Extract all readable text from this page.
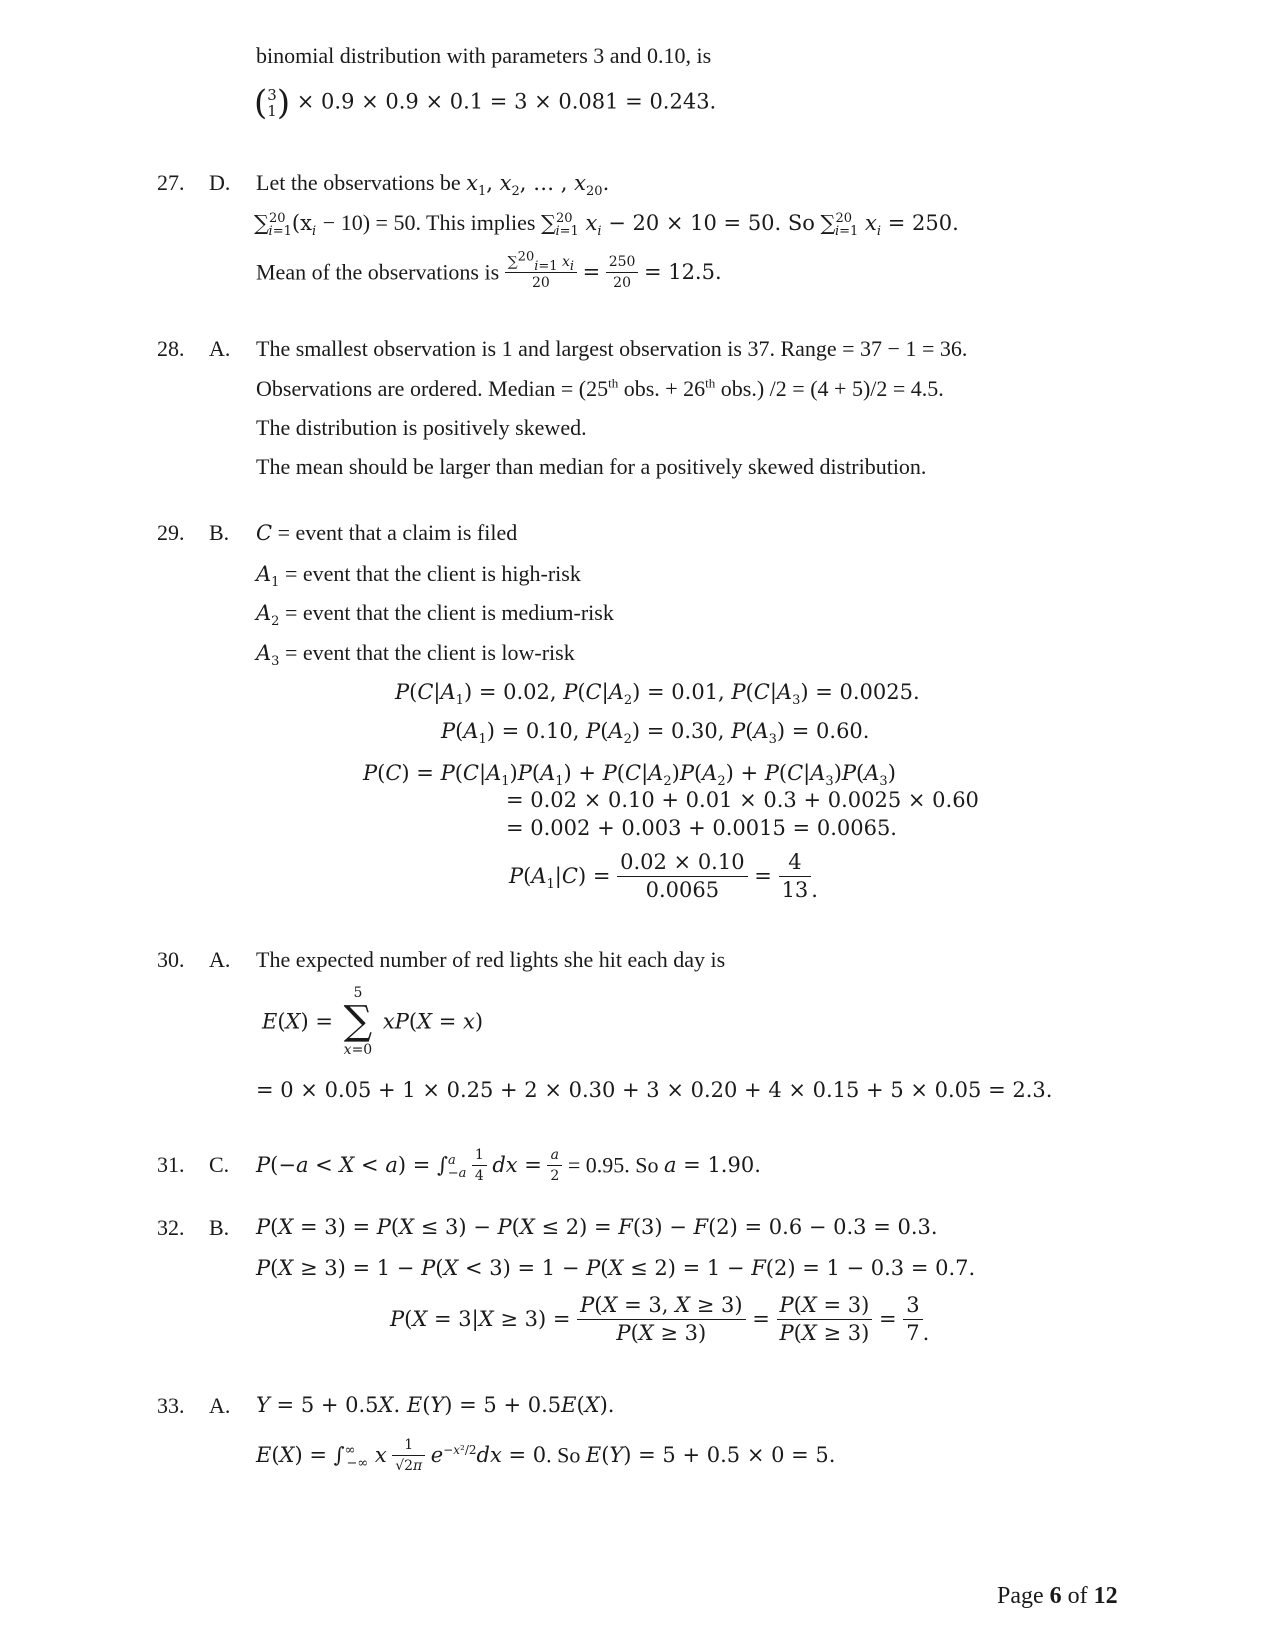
binomial distribution with parameters 3 and 0.10, is
(3
1) × 0.9 × 0.9 × 0.1 = 3 × 0.081 = 0.243.
27. D. Let the observations be $x_1$, $x_2$, … , $x_{20}$.
$\sum^{20}_{i=1}(x_i - 10) = 50$. This implies ∑$^{20}_{i=1}$ $x_i - 20 \times 10 = 50$. So ∑$^{20}_{i=1}$ $x_i = 250$.
Mean of the observations is $\frac{\sum^{20}_{i=1} x_i}{20} = \frac{250}{20} = 12.5$.
28. A. The smallest observation is 1 and largest observation is 37. Range = 37 − 1 = 36.
Observations are ordered. Median = (25th obs. + 26th obs.) /2 = (4 + 5)/2 = 4.5.
The distribution is positively skewed.
The mean should be larger than median for a positively skewed distribution.
29. B. C = event that a claim is filed
$A_1$ = event that the client is high-risk
$A_2$ = event that the client is medium-risk
$A_3$ = event that the client is low-risk
$P(C|A_1) = 0.02$, $P(C|A_2) = 0.01$, $P(C|A_3) = 0.0025$.
$P(A_1) = 0.10$, $P(A_2) = 0.30$, $P(A_3) = 0.60$.
$P(C) = P(C|A_1)P(A_1) + P(C|A_2)P(A_2) + P(C|A_3)P(A_3)$
= 0.02 × 0.10 + 0.01 × 0.3 + 0.0025 × 0.60
= 0.002 + 0.003 + 0.0015 = 0.0065.
$P(A_1|C) = \frac{0.02 \times 0.10}{0.0065} = \frac{4}{13}$ .
30. A. The expected number of red lights she hit each day is
E(X) =
5
∑
x=0
xP(X = x)
= 0 × 0.05 + 1 × 0.25 + 2 × 0.30 + 3 × 0.20 + 4 × 0.15 + 5 × 0.05 = 2.3.
31. C. $P(-a < X < a) = \int^a_{-a} \frac{1}{4}$ dx = $\frac{a}{2} = 0.95$. So a = 1.90.
32. B. P(X = 3) = P(X ≤ 3) − P(X ≤ 2) = F(3) − F(2) = 0.6 − 0.3 = 0.3.
P(X ≥ 3) = 1 − P(X < 3) = 1 − P(X ≤ 2) = 1 − F(2) = 1 − 0.3 = 0.7.
$P(X = 3|X \ge 3) = \frac{P(X = 3, X \ge 3)}{P(X \ge 3)} = \frac{P(X = 3)}{P(X \ge 3)} = \frac{3}{7}$ .
33. A. Y = 5 + 0.5X. E(Y) = 5 + 0.5E(X).
$E(X) = \int^\infty_{-\infty}$ x $\frac{1}{√2\pi} e^{-x^2/2}dx = 0$. So E(Y) = 5 + 0.5 × 0 = 5.
Page 6 of 12
